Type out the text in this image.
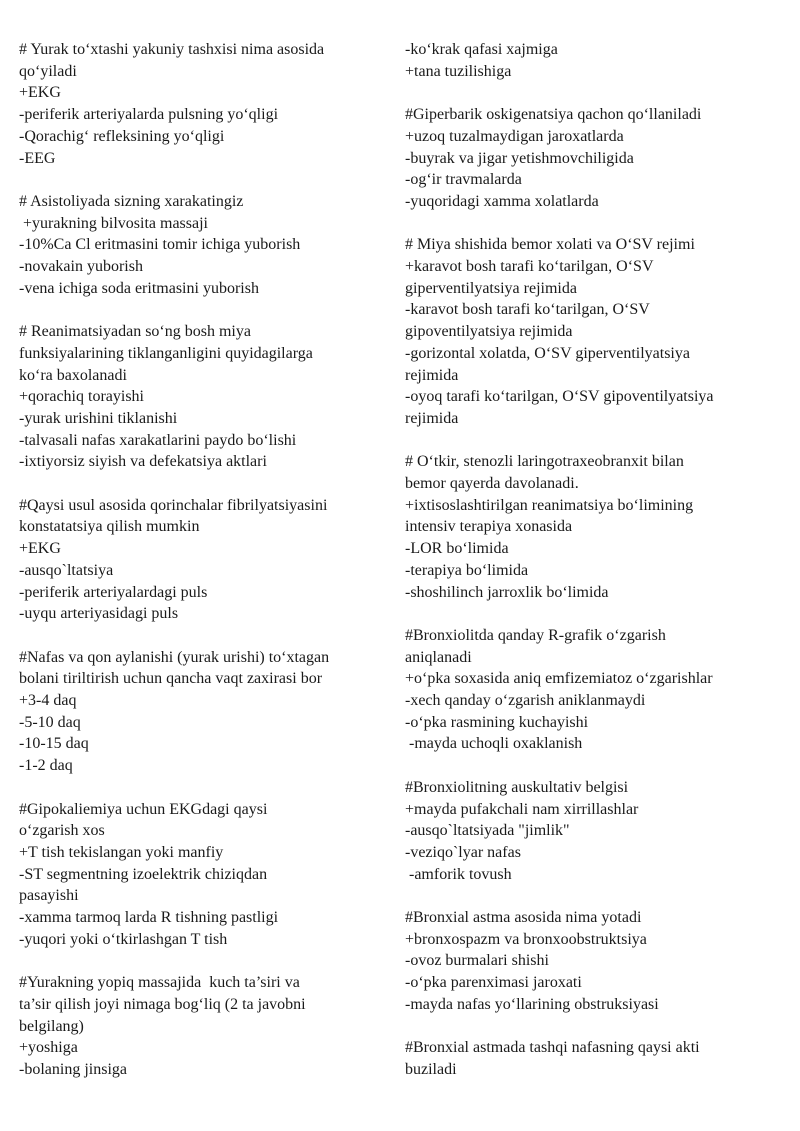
# Yurak to‘xtashi yakuniy tashxisi nima asosida
qo‘yiladi
+EKG
-periferik arteriyalarda pulsning yo‘qligi
-Qorachig‘ refleksining yo‘qligi
-EEG
# Asistoliyada sizning xarakatingiz
+yurakning bilvosita massaji
-10%Ca Cl eritmasini tomir ichiga yuborish
-novakain yuborish
-vena ichiga soda eritmasini yuborish
# Reanimatsiyadan so‘ng bosh miya
funksiyalarining tiklanganligini quyidagilarga
ko‘ra baxolanadi
+qorachiq torayishi
-yurak urishini tiklanishi
-talvasali nafas xarakatlarini paydo bo‘lishi
-ixtiyorsiz siyish va defekatsiya aktlari
#Qaysi usul asosida qorinchalar fibrilyatsiyasini
konstatatsiya qilish mumkin
+EKG
-ausqo`ltatsiya
-periferik arteriyalardagi puls
-uyqu arteriyasidagi puls
#Nafas va qon aylanishi (yurak urishi) to‘xtagan
bolani tiriltirish uchun qancha vaqt zaxirasi bor
+3-4 daq
-5-10 daq
-10-15 daq
-1-2 daq
#Gipokaliemiya uchun EKGdagi qaysi
o‘zgarish xos
+T tish tekislangan yoki manfiy
-ST segmentning izoelektrik chiziqdan
pasayishi
-xamma tarmoq larda R tishning pastligi
-yuqori yoki o‘tkirlashgan T tish
#Yurakning yopiq massajida  kuch ta’siri va
ta’sir qilish joyi nimaga bog‘liq (2 ta javobni
belgilang)
+yoshiga
-bolaning jinsiga
-ko‘krak qafasi xajmiga
+tana tuzilishiga
#Giperbarik oskigenatsiya qachon qo‘llaniladi
+uzoq tuzalmaydigan jaroxatlarda
-buyrak va jigar yetishmovchiligida
-og‘ir travmalarda
-yuqoridagi xamma xolatlarda
# Miya shishida bemor xolati va O‘SV rejimi
+karavot bosh tarafi ko‘tarilgan, O‘SV
giperventilyatsiya rejimida
-karavot bosh tarafi ko‘tarilgan, O‘SV
gipoventilyatsiya rejimida
-gorizontal xolatda, O‘SV giperventilyatsiya
rejimida
-oyoq tarafi ko‘tarilgan, O‘SV gipoventilyatsiya
rejimida
# O‘tkir, stenozli laringotraxeobranxit bilan
bemor qayerda davolanadi.
+ixtisoslashtirilgan reanimatsiya bo‘limining
intensiv terapiya xonasida
-LOR bo‘limida
-terapiya bo‘limida
-shoshilinch jarroxlik bo‘limida
#Bronxiolitda qanday R-grafik o‘zgarish
aniqlanadi
+o‘pka soxasida aniq emfizemiatoz o‘zgarishlar
-xech qanday o‘zgarish aniklanmaydi
-o‘pka rasmining kuchayishi
-mayda uchoqli oxaklanish
#Bronxiolitning auskultativ belgisi
+mayda pufakchali nam xirrillashlar
-ausqo`ltatsiyada "jimlik"
-veziqo`lyar nafas
-amforik tovush
#Bronxial astma asosida nima yotadi
+bronxospazm va bronxoobstruktsiya
-ovoz burmalari shishi
-o‘pka parenximasi jaroxati
-mayda nafas yo‘llarining obstruksiyasi
#Bronxial astmada tashqi nafasning qaysi akti
buziladi
